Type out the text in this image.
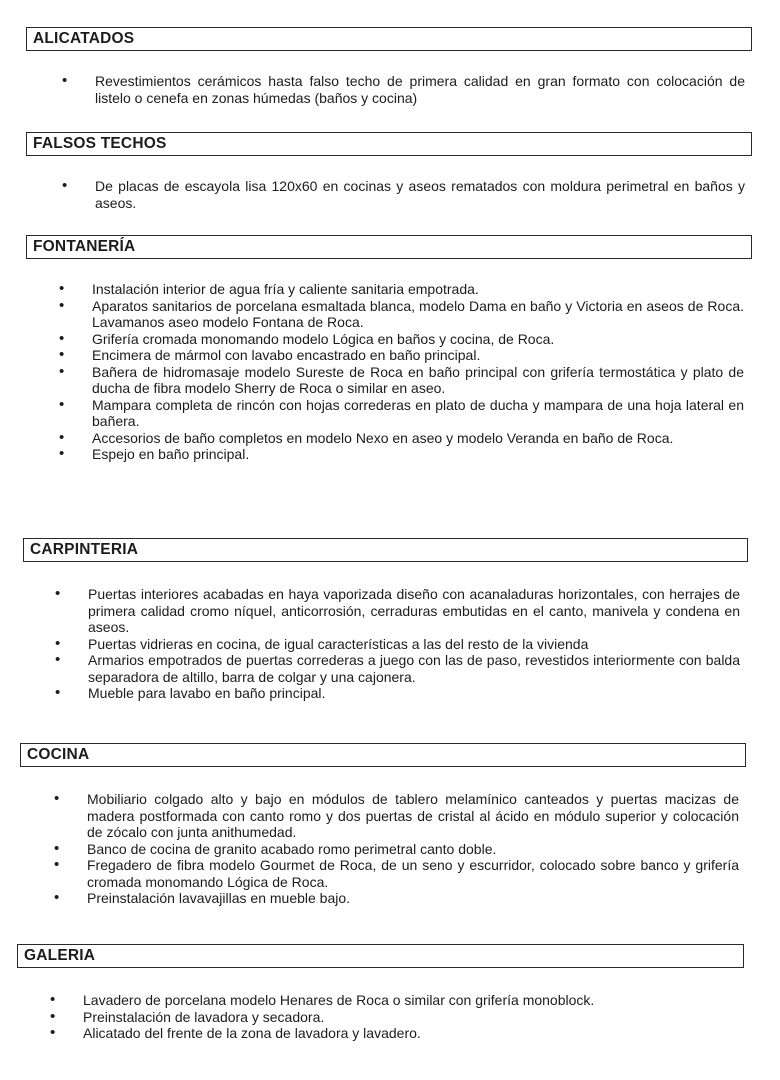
ALICATADOS
• Revestimientos cerámicos hasta falso techo de primera calidad en gran formato con colocación de listelo o cenefa en zonas húmedas (baños y cocina)
FALSOS TECHOS
• De placas de escayola lisa 120x60 en cocinas y aseos rematados con moldura perimetral en baños y aseos.
FONTANERÍA
• Instalación interior de agua fría y caliente sanitaria empotrada.
• Aparatos sanitarios de porcelana esmaltada blanca, modelo Dama en baño y Victoria en aseos de Roca. Lavamanos aseo modelo Fontana de Roca.
• Grifería cromada monomando modelo Lógica en baños y cocina, de Roca.
• Encimera de mármol con lavabo encastrado en baño principal.
• Bañera de hidromasaje modelo Sureste de Roca en baño principal con grifería termostática y plato de ducha de fibra modelo Sherry de Roca o similar en aseo.
• Mampara completa de rincón con hojas correderas en plato de ducha y mampara de una hoja lateral en bañera.
• Accesorios de baño completos en modelo Nexo en aseo y modelo Veranda en baño de Roca.
• Espejo en baño principal.
CARPINTERIA
• Puertas interiores acabadas en haya vaporizada diseño con acanaladuras horizontales, con herrajes de primera calidad cromo níquel, anticorrosión, cerraduras embutidas en el canto, manivela y condena en aseos.
• Puertas vidrieras en cocina, de igual características a las del resto de la vivienda
• Armarios empotrados de puertas correderas a juego con las de paso, revestidos interiormente con balda separadora de altillo, barra de colgar y una cajonera.
• Mueble para lavabo en baño principal.
COCINA
• Mobiliario colgado alto y bajo en módulos de tablero melamínico canteados y puertas macizas de madera postformada con canto romo y dos puertas de cristal al ácido en módulo superior y colocación de zócalo con junta anithumedad.
• Banco de cocina de granito acabado romo perimetral canto doble.
• Fregadero de fibra modelo Gourmet de Roca, de un seno y escurridor, colocado sobre banco y grifería cromada monomando Lógica de Roca.
• Preinstalación lavavajillas en mueble bajo.
GALERIA
• Lavadero de porcelana modelo Henares de Roca o similar con grifería monoblock.
• Preinstalación de lavadora y secadora.
• Alicatado del frente de la zona de lavadora y lavadero.
